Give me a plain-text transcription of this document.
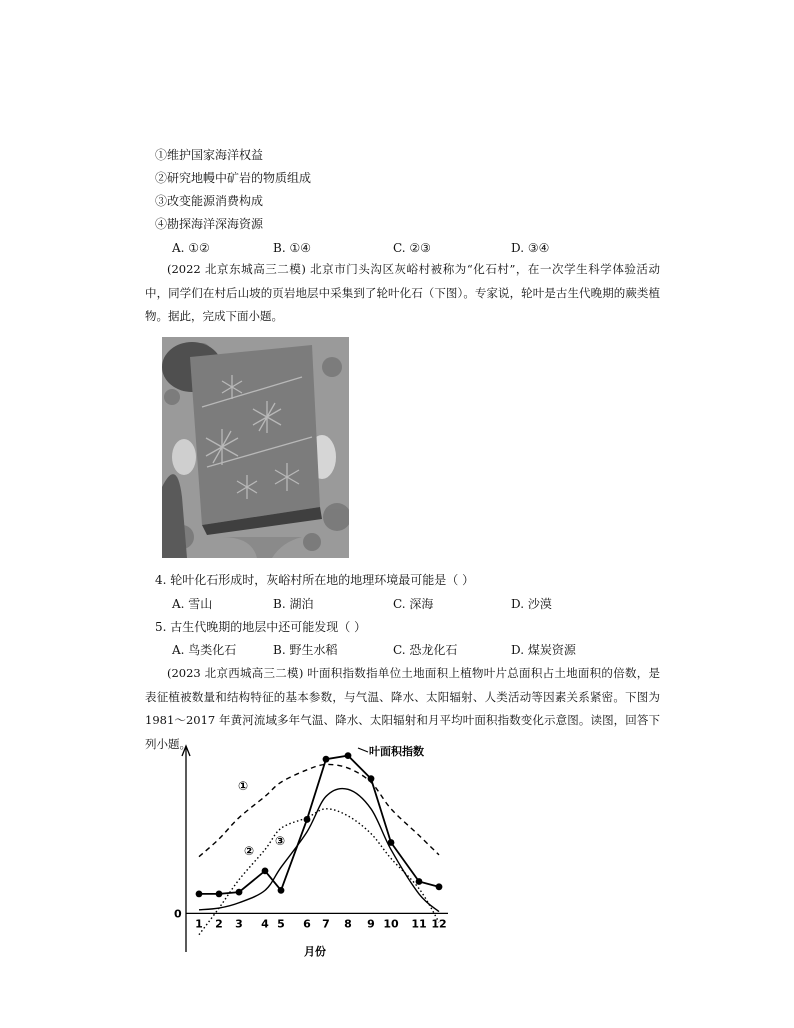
①维护国家海洋权益
②研究地幔中矿岩的物质组成
③改变能源消费构成
④勘探海洋深海资源
A. ①②	B. ①④	C. ②③	D. ③④
(2022 北京东城高三二模) 北京市门头沟区灰峪村被称为“化石村”，在一次学生科学体验活动中，同学们在村后山坡的页岩地层中采集到了轮叶化石（下图）。专家说，轮叶是古生代晚期的蕨类植物。据此，完成下面小题。
4. 轮叶化石形成时，灰峪村所在地的地理环境最可能是（ ）
A. 雪山	B. 湖泊	C. 深海	D. 沙漠
5. 古生代晚期的地层中还可能发现（ ）
A. 鸟类化石	B. 野生水稻	C. 恐龙化石	D. 煤炭资源
(2023 北京西城高三二模) 叶面积指数指单位土地面积上植物叶片总面积占土地面积的倍数，是表征植被数量和结构特征的基本参数，与气温、降水、太阳辐射、人类活动等因素关系紧密。下图为 1981～2017 年黄河流域多年气温、降水、太阳辐射和月平均叶面积指数变化示意图。读图，回答下列小题。
0
1 2 3 4 5 6 7 8 9 10 11 12
月份
①
②
③
叶面积指数
